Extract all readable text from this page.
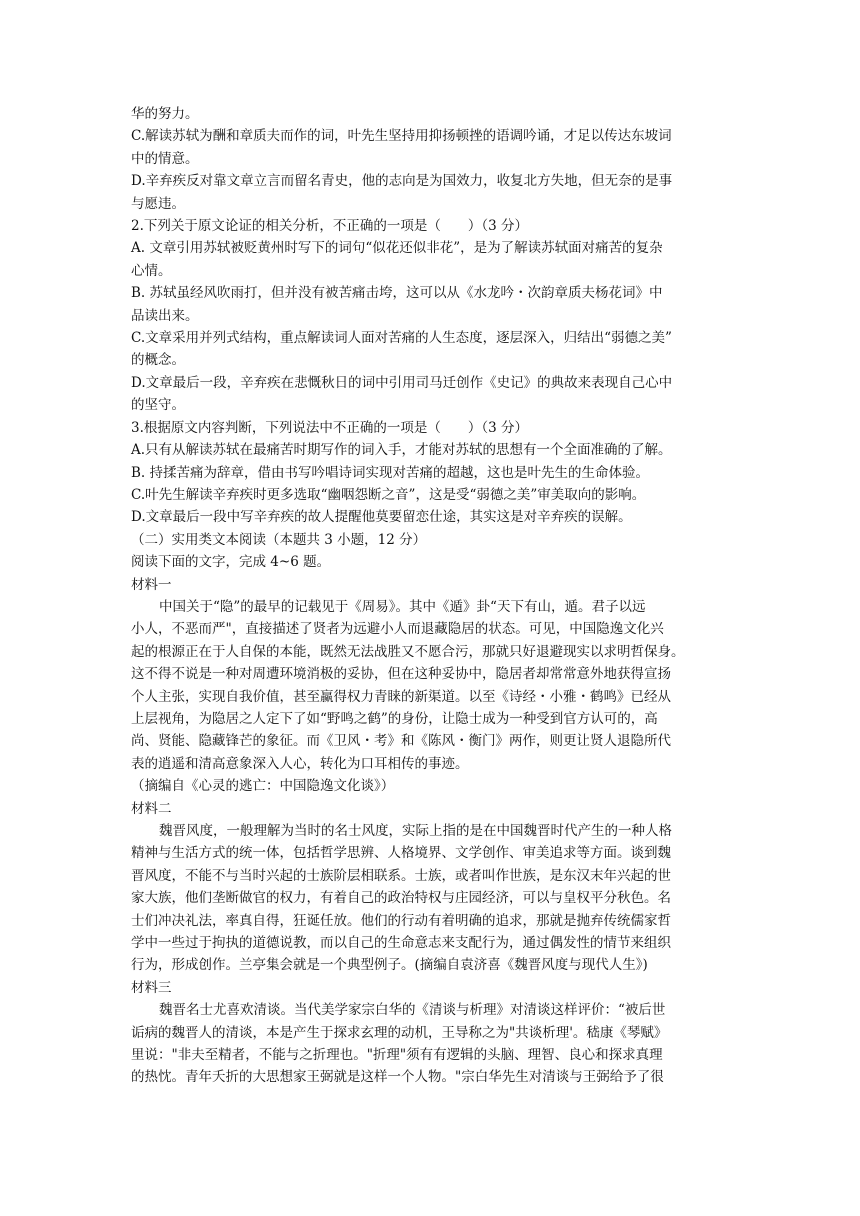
华的努力。

C.解读苏轼为酬和章质夫而作的词，叶先生坚持用抑扬顿挫的语调吟诵，才足以传达东坡词

中的情意。

D.辛弃疾反对靠文章立言而留名青史，他的志向是为国效力，收复北方失地，但无奈的是事

与愿违。

2.下列关于原文论证的相关分析，不正确的一项是（　　）（3 分）

A. 文章引用苏轼被贬黄州时写下的词句“似花还似非花”，是为了解读苏轼面对痛苦的复杂

心情。

B. 苏轼虽经风吹雨打，但并没有被苦痛击垮，这可以从《水龙吟・次韵章质夫杨花词》中

品读出来。

C.文章采用并列式结构，重点解读词人面对苦痛的人生态度，逐层深入，归结出“弱德之美”

的概念。

D.文章最后一段，辛弃疾在悲慨秋日的词中引用司马迁创作《史记》的典故来表现自己心中

的坚守。

3.根据原文内容判断，下列说法中不正确的一项是（　　）（3 分）

A.只有从解读苏轼在最痛苦时期写作的词入手，才能对苏轼的思想有一个全面准确的了解。

B. 持揉苦痛为辞章，借由书写吟唱诗词实现对苦痛的超越，这也是叶先生的生命体验。

C.叶先生解读辛弃疾时更多选取“幽咽怨断之音”，这是受“弱德之美”审美取向的影响。

D.文章最后一段中写辛弃疾的故人提醒他莫要留恋仕途，其实这是对辛弃疾的误解。

（二）实用类文本阅读（本题共 3 小题，12 分）

阅读下面的文字，完成 4~6 题。

材料一

中国关于“隐”的最早的记载见于《周易》。其中《遁》卦“天下有山，遁。君子以远

小人，不恶而严"，直接描述了贤者为远避小人而退藏隐居的状态。可见，中国隐逸文化兴

起的根源正在于人自保的本能，既然无法战胜又不愿合污，那就只好退避现实以求明哲保身。

这不得不说是一种对周遭环境消极的妥协，但在这种妥协中，隐居者却常常意外地获得宣扬

个人主张，实现自我价值，甚至赢得权力青睐的新渠道。以至《诗经・小雅・鹤鸣》已经从

上层视角，为隐居之人定下了如“野鸣之鹤”的身份，让隐士成为一种受到官方认可的，高

尚、贤能、隐藏锋芒的象征。而《卫风・考》和《陈风・衡门》两作，则更让贤人退隐所代

表的逍遥和清高意象深入人心，转化为口耳相传的事迹。

（摘编自《心灵的逃亡：中国隐逸文化谈》）

材料二

魏晋风度，一般理解为当时的名士风度，实际上指的是在中国魏晋时代产生的一种人格

精神与生活方式的统一体，包括哲学思辨、人格境界、文学创作、审美追求等方面。谈到魏

晋风度，不能不与当时兴起的士族阶层相联系。士族，或者叫作世族，是东汉末年兴起的世

家大族，他们垄断做官的权力，有着自己的政治特权与庄园经济，可以与皇权平分秋色。名

士们冲决礼法，率真自得，狂诞任放。他们的行动有着明确的追求，那就是抛弃传统儒家哲

学中一些过于拘执的道德说教，而以自己的生命意志来支配行为，通过偶发性的情节来组织

行为，形成创作。兰亭集会就是一个典型例子。(摘编自袁济喜《魏晋风度与现代人生》)

材料三

魏晋名士尤喜欢清谈。当代美学家宗白华的《清谈与析理》对清谈这样评价：“被后世

诟病的魏晋人的清谈，本是产生于探求玄理的动机，王导称之为"共谈析理'。嵇康《琴赋》

里说："非夫至精者，不能与之折理也。"折理"须有有逻辑的头脑、理智、良心和探求真理

的热忱。青年夭折的大思想家王弼就是这样一个人物。"宗白华先生对清谈与王弼给予了很
